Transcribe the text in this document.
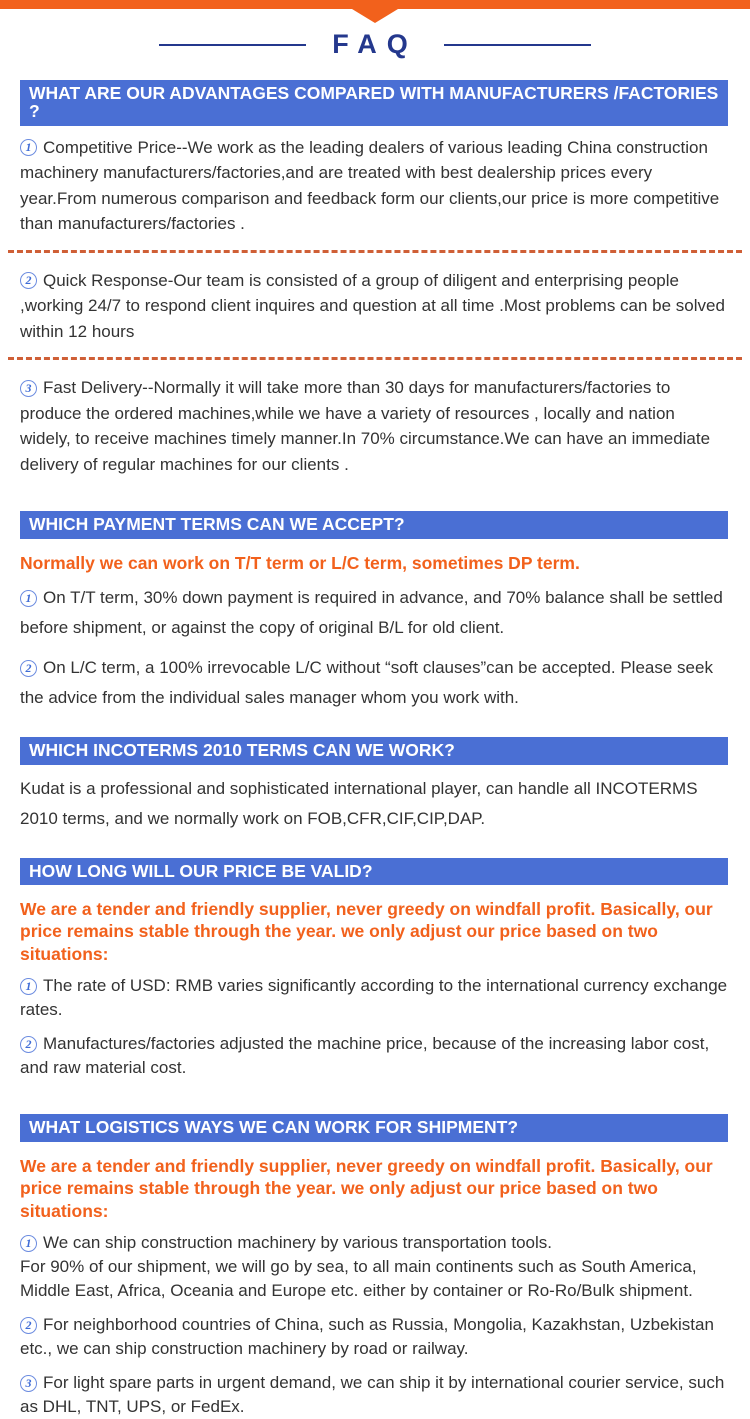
FAQ
WHAT ARE OUR ADVANTAGES COMPARED WITH MANUFACTURERS /FACTORIES ?

1 Competitive Price--We work as the leading dealers of various leading China construction machinery manufacturers/factories,and are treated with best dealership prices every year.From numerous comparison and feedback form our clients,our price is more competitive than manufacturers/factories .

2 Quick Response-Our team is consisted of a group of diligent and enterprising people ,working 24/7 to respond client inquires and question at all time .Most problems can be solved within 12 hours

3 Fast Delivery--Normally it will take more than 30 days for manufacturers/factories to produce the ordered machines,while we have a variety of resources , locally and nation widely, to receive machines timely manner.In 70% circumstance.We can have an immediate delivery of regular machines for our clients .

WHICH PAYMENT TERMS CAN WE ACCEPT?

Normally we can work on T/T term or L/C term, sometimes DP term.

1 On T/T term, 30% down payment is required in advance, and 70% balance shall be settled before shipment, or against the copy of original B/L for old client.

2 On L/C term, a 100% irrevocable L/C without “soft clauses”can be accepted. Please seek the advice from the individual sales manager whom you work with.

WHICH INCOTERMS 2010 TERMS CAN WE WORK?

Kudat is a professional and sophisticated international player, can handle all INCOTERMS 2010 terms, and we normally work on FOB,CFR,CIF,CIP,DAP.

HOW LONG WILL OUR PRICE BE VALID?

We are a tender and friendly supplier, never greedy on windfall profit. Basically, our price remains stable through the year. we only adjust our price based on two situations:

1 The rate of USD: RMB varies significantly according to the international currency exchange rates.

2 Manufactures/factories adjusted the machine price, because of the increasing labor cost, and raw material cost.

WHAT LOGISTICS WAYS WE CAN WORK FOR SHIPMENT?

We are a tender and friendly supplier, never greedy on windfall profit. Basically, our price remains stable through the year. we only adjust our price based on two situations:

1 We can ship construction machinery by various transportation tools.
For 90% of our shipment, we will go by sea, to all main continents such as South America, Middle East, Africa, Oceania and Europe etc. either by container or Ro-Ro/Bulk shipment.

2 For neighborhood countries of China, such as Russia, Mongolia, Kazakhstan, Uzbekistan etc., we can ship construction machinery by road or railway.

3 For light spare parts in urgent demand, we can ship it by international courier service, such as DHL, TNT, UPS, or FedEx.
